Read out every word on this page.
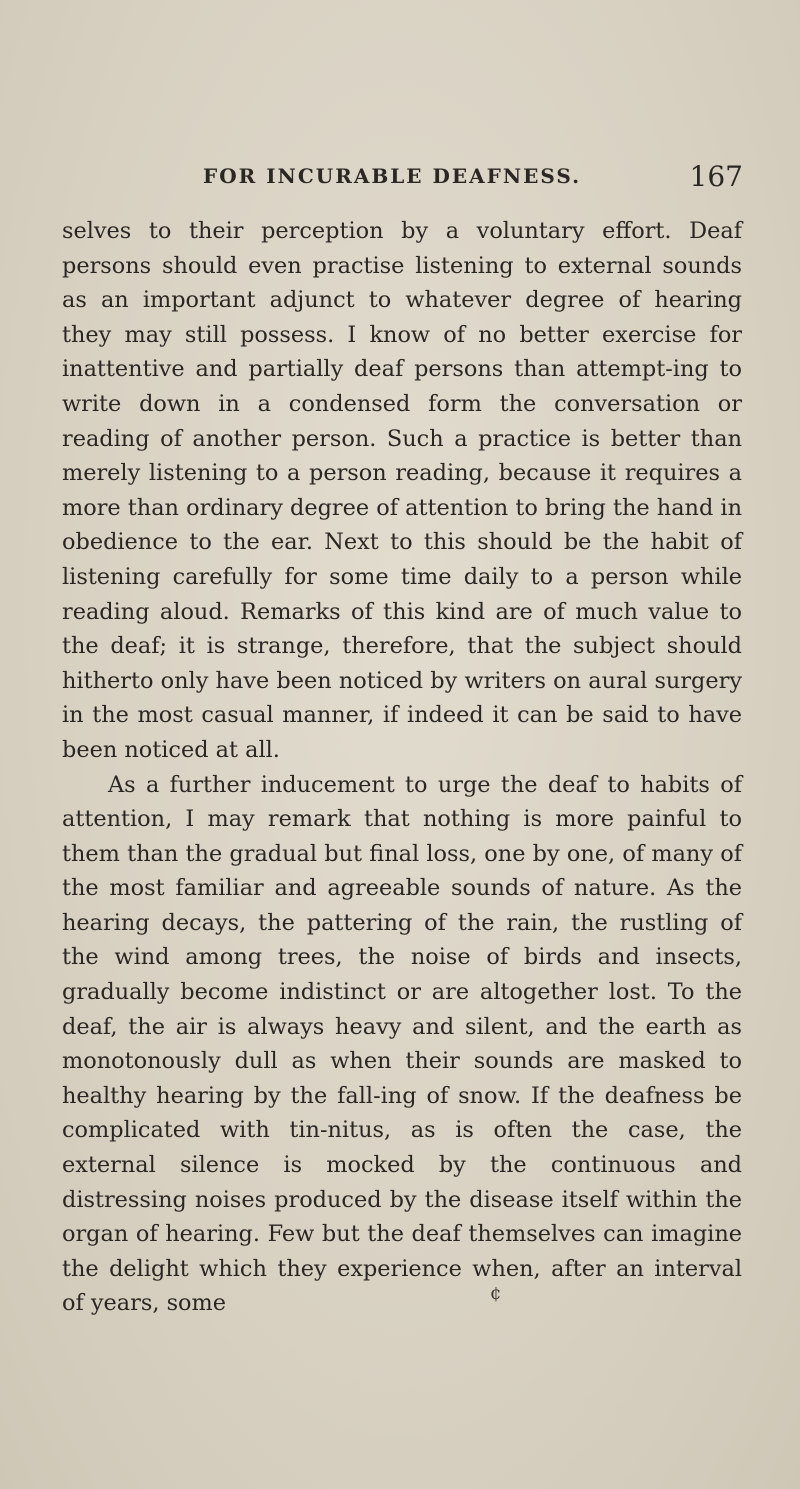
FOR INCURABLE DEAFNESS.	167

selves to their perception by a voluntary effort. Deaf persons should even practise listening to external sounds as an important adjunct to whatever degree of hearing they may still possess. I know of no better exercise for inattentive and partially deaf persons than attempt-ing to write down in a condensed form the conversation or reading of another person. Such a practice is better than merely listening to a person reading, because it requires a more than ordinary degree of attention to bring the hand in obedience to the ear. Next to this should be the habit of listening carefully for some time daily to a person while reading aloud. Remarks of this kind are of much value to the deaf; it is strange, therefore, that the subject should hitherto only have been noticed by writers on aural surgery in the most casual manner, if indeed it can be said to have been noticed at all.

As a further inducement to urge the deaf to habits of attention, I may remark that nothing is more painful to them than the gradual but final loss, one by one, of many of the most familiar and agreeable sounds of nature. As the hearing decays, the pattering of the rain, the rustling of the wind among trees, the noise of birds and insects, gradually become indistinct or are altogether lost. To the deaf, the air is always heavy and silent, and the earth as monotonously dull as when their sounds are masked to healthy hearing by the fall-ing of snow. If the deafness be complicated with tin-nitus, as is often the case, the external silence is mocked by the continuous and distressing noises produced by the disease itself within the organ of hearing. Few but the deaf themselves can imagine the delight which they experience when, after an interval of years, some	¢
